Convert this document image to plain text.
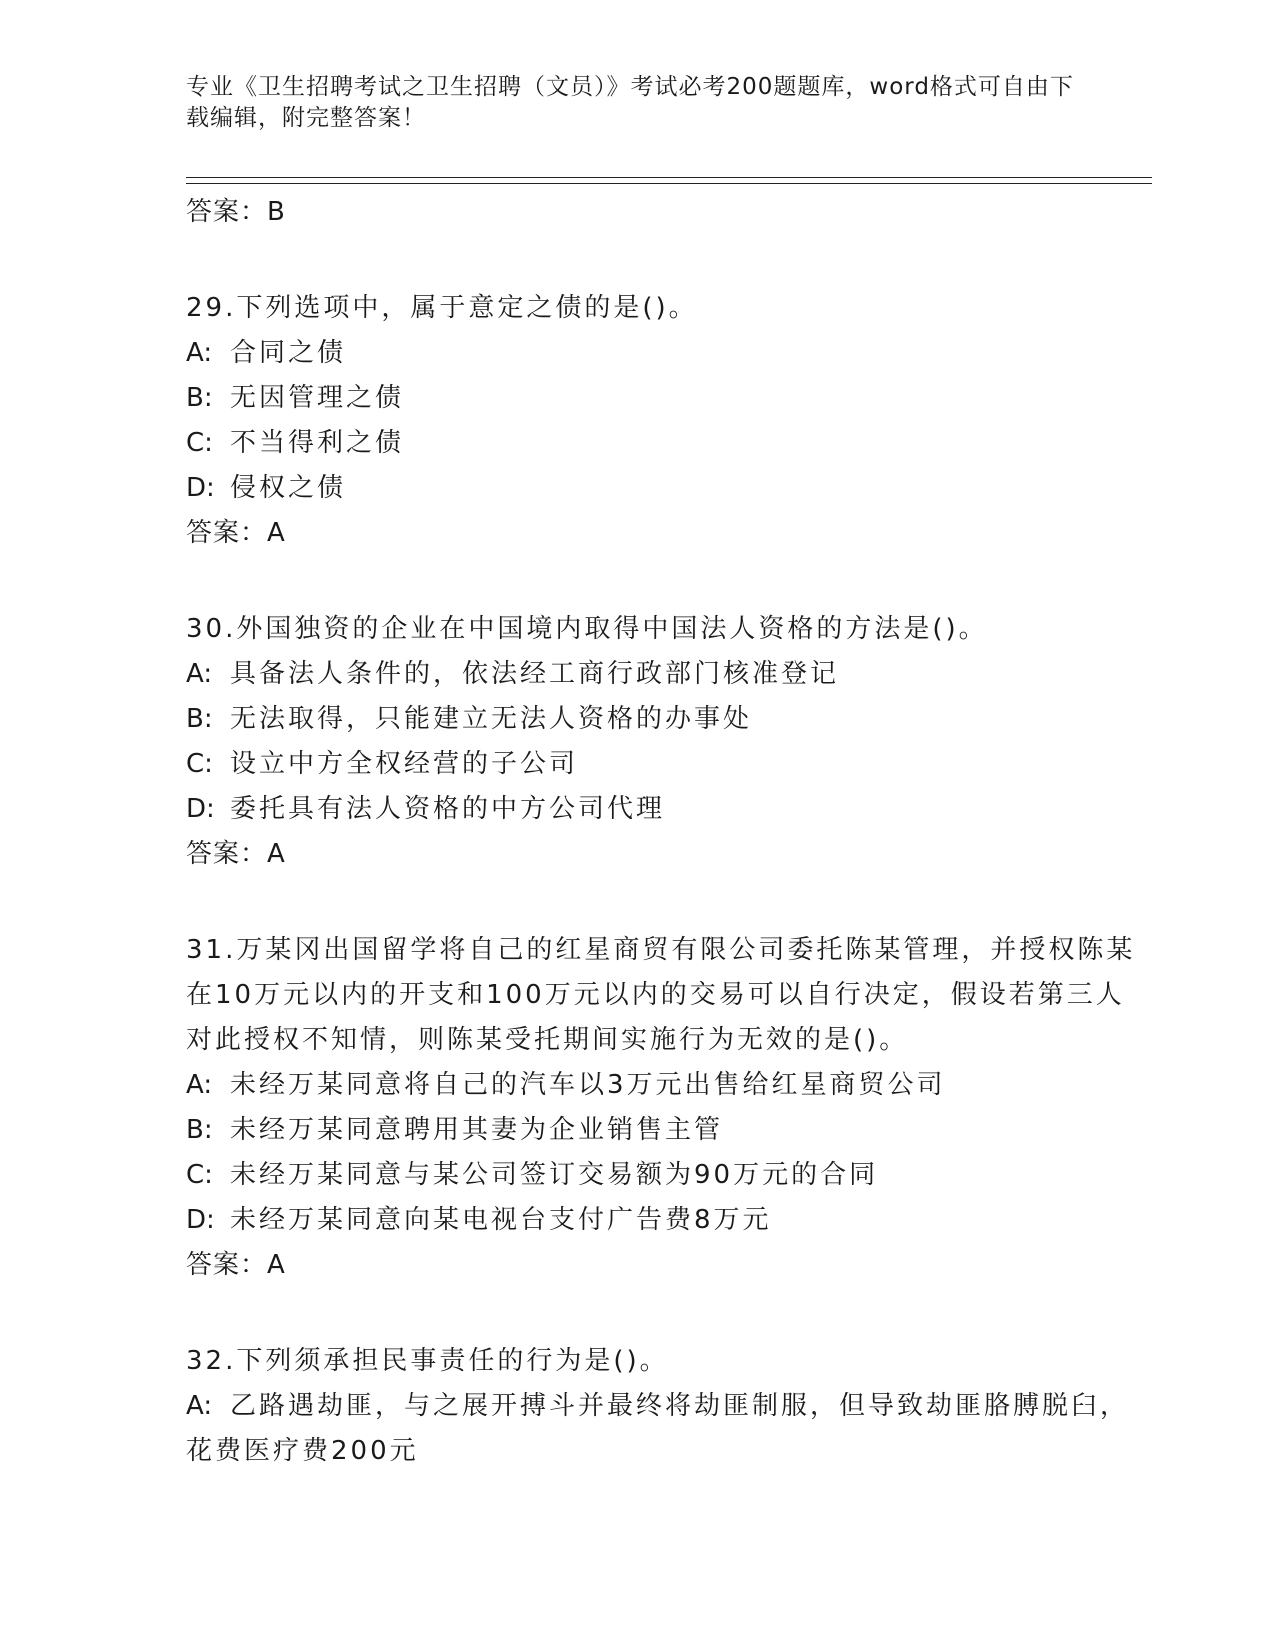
专业《卫生招聘考试之卫生招聘（文员）》考试必考200题题库，word格式可自由下载编辑，附完整答案！
答案：B
29.下列选项中，属于意定之债的是()。
A: 合同之债
B: 无因管理之债
C: 不当得利之债
D: 侵权之债
答案：A
30.外国独资的企业在中国境内取得中国法人资格的方法是()。
A: 具备法人条件的，依法经工商行政部门核准登记
B: 无法取得，只能建立无法人资格的办事处
C: 设立中方全权经营的子公司
D: 委托具有法人资格的中方公司代理
答案：A
31.万某冈出国留学将自己的红星商贸有限公司委托陈某管理，并授权陈某在10万元以内的开支和100万元以内的交易可以自行决定，假设若第三人对此授权不知情，则陈某受托期间实施行为无效的是()。
A: 未经万某同意将自己的汽车以3万元出售给红星商贸公司
B: 未经万某同意聘用其妻为企业销售主管
C: 未经万某同意与某公司签订交易额为90万元的合同
D: 未经万某同意向某电视台支付广告费8万元
答案：A
32.下列须承担民事责任的行为是()。
A: 乙路遇劫匪，与之展开搏斗并最终将劫匪制服，但导致劫匪胳膊脱臼，花费医疗费200元
